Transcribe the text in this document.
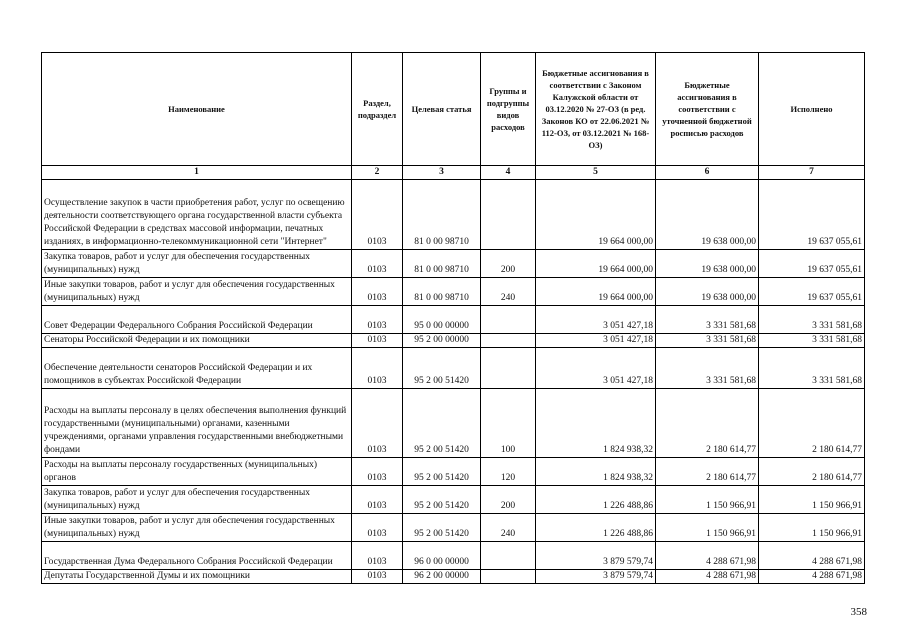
Наименование	Раздел, подраздел	Целевая статья	Группы и подгруппы видов расходов	Бюджетные ассигнования в соответствии с Законом Калужской области от 03.12.2020 № 27-ОЗ (в ред. Законов КО от 22.06.2021 № 112-ОЗ, от 03.12.2021 № 168-ОЗ)	Бюджетные ассигнования в соответствии с уточненной бюджетной росписью расходов	Исполнено
1	2	3	4	5	6	7
Осуществление закупок в части приобретения работ, услуг по освещению деятельности соответствующего органа государственной власти субъекта Российской Федерации в средствах массовой информации, печатных изданиях, в информационно-телекоммуникационной сети "Интернет"	0103	81 0 00 98710		19 664 000,00	19 638 000,00	19 637 055,61
Закупка товаров, работ и услуг для обеспечения государственных (муниципальных) нужд	0103	81 0 00 98710	200	19 664 000,00	19 638 000,00	19 637 055,61
Иные закупки товаров, работ и услуг для обеспечения государственных (муниципальных) нужд	0103	81 0 00 98710	240	19 664 000,00	19 638 000,00	19 637 055,61
Совет Федерации Федерального Собрания Российской Федерации	0103	95 0 00 00000		3 051 427,18	3 331 581,68	3 331 581,68
Сенаторы Российской Федерации и их помощники	0103	95 2 00 00000		3 051 427,18	3 331 581,68	3 331 581,68
Обеспечение деятельности сенаторов Российской Федерации и их помощников в субъектах Российской Федерации	0103	95 2 00 51420		3 051 427,18	3 331 581,68	3 331 581,68
Расходы на выплаты персоналу в целях обеспечения выполнения функций государственными (муниципальными) органами, казенными учреждениями, органами управления государственными внебюджетными фондами	0103	95 2 00 51420	100	1 824 938,32	2 180 614,77	2 180 614,77
Расходы на выплаты персоналу государственных (муниципальных) органов	0103	95 2 00 51420	120	1 824 938,32	2 180 614,77	2 180 614,77
Закупка товаров, работ и услуг для обеспечения государственных (муниципальных) нужд	0103	95 2 00 51420	200	1 226 488,86	1 150 966,91	1 150 966,91
Иные закупки товаров, работ и услуг для обеспечения государственных (муниципальных) нужд	0103	95 2 00 51420	240	1 226 488,86	1 150 966,91	1 150 966,91
Государственная Дума Федерального Собрания Российской Федерации	0103	96 0 00 00000		3 879 579,74	4 288 671,98	4 288 671,98
Депутаты Государственной Думы и их помощники	0103	96 2 00 00000		3 879 579,74	4 288 671,98	4 288 671,98
358
